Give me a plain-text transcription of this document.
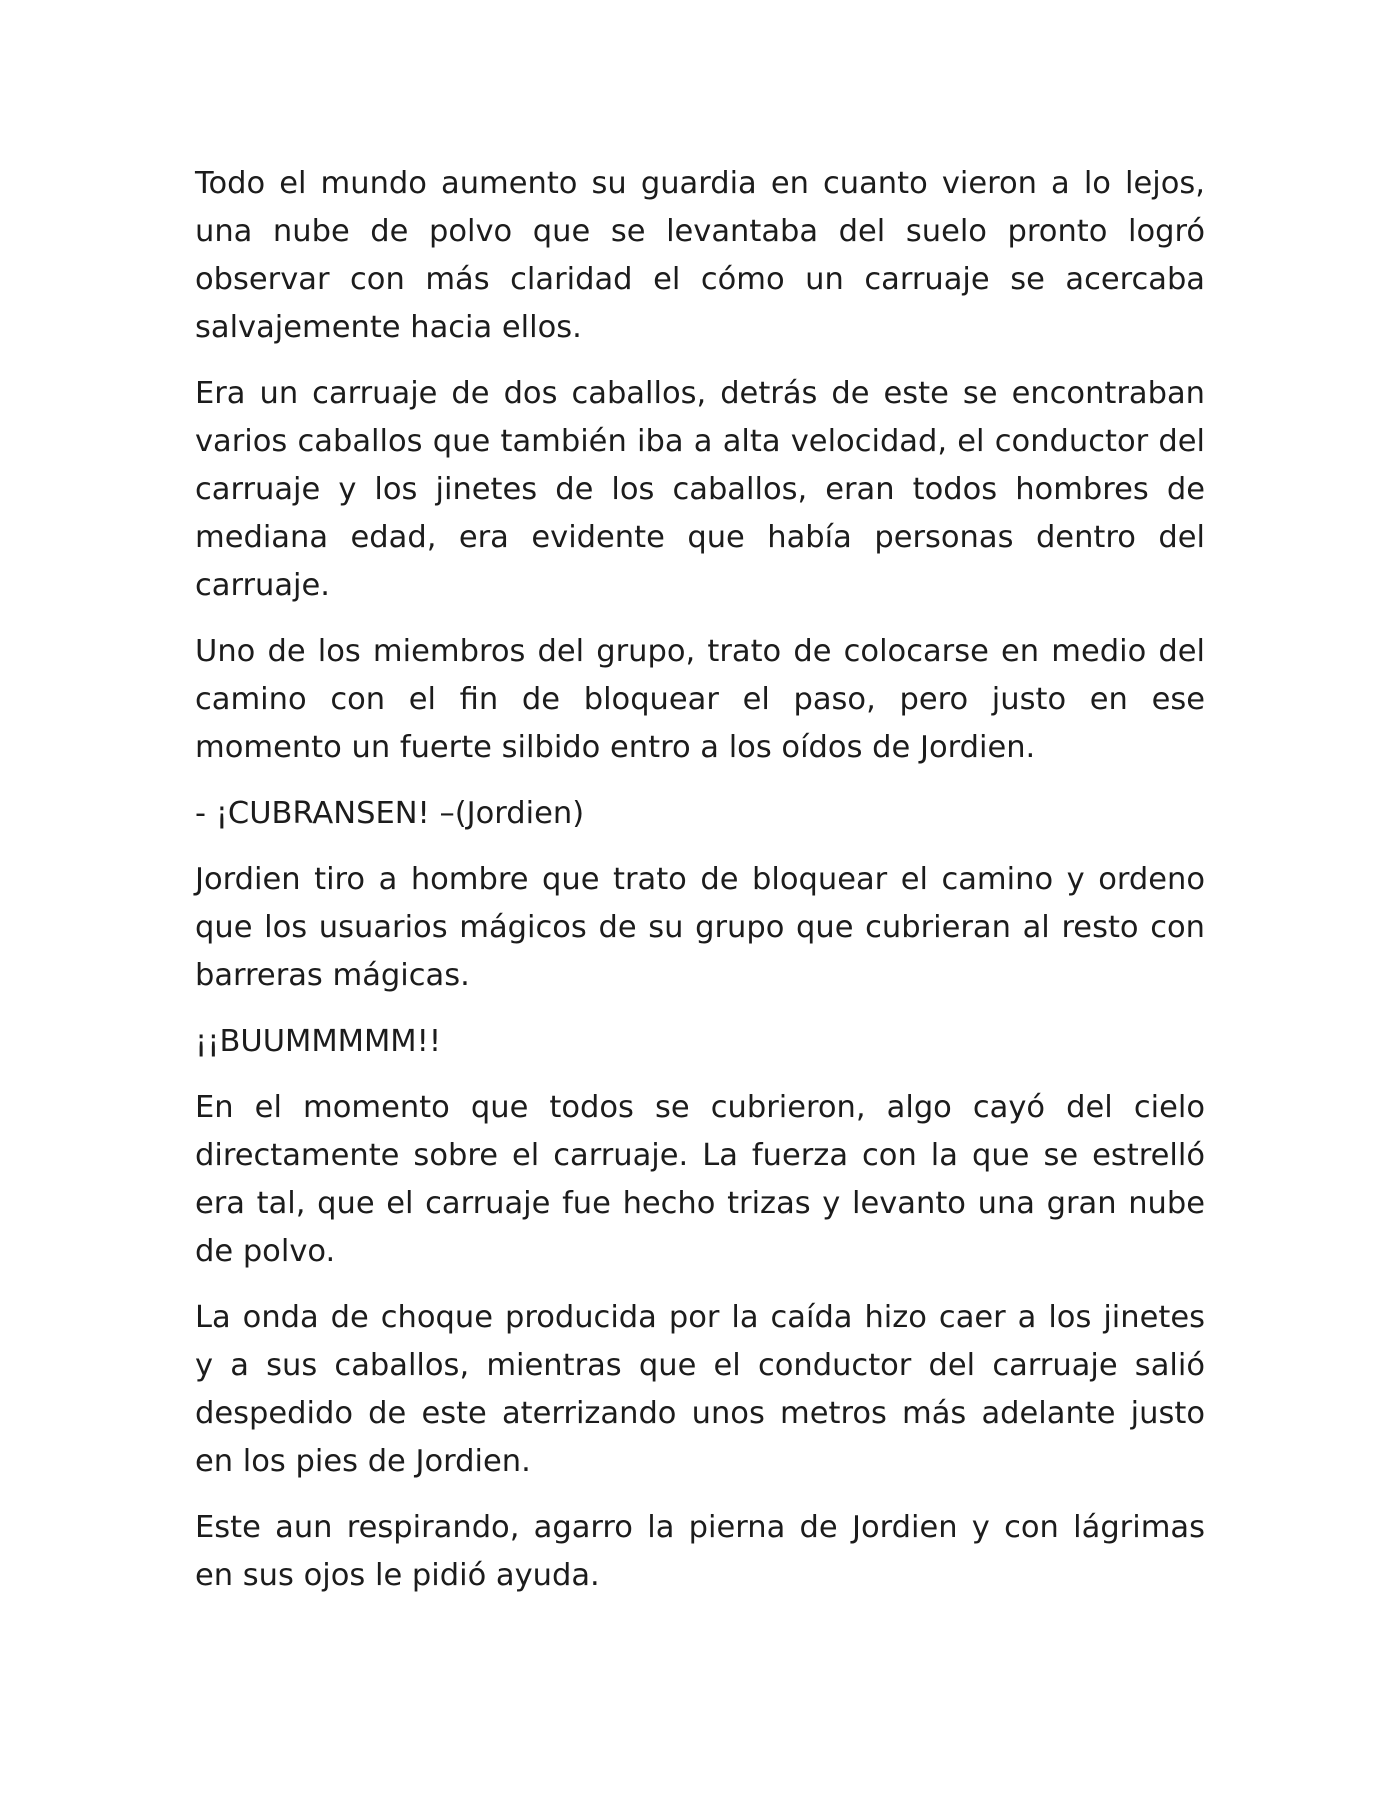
Todo el mundo aumento su guardia en cuanto vieron a lo lejos, una nube de polvo que se levantaba del suelo pronto logró observar con más claridad el cómo un carruaje se acercaba salvajemente hacia ellos.

Era un carruaje de dos caballos, detrás de este se encontraban varios caballos que también iba a alta velocidad, el conductor del carruaje y los jinetes de los caballos, eran todos hombres de mediana edad, era evidente que había personas dentro del carruaje.

Uno de los miembros del grupo, trato de colocarse en medio del camino con el fin de bloquear el paso, pero justo en ese momento un fuerte silbido entro a los oídos de Jordien.

- ¡CUBRANSEN! –(Jordien)

Jordien tiro a hombre que trato de bloquear el camino y ordeno que los usuarios mágicos de su grupo que cubrieran al resto con barreras mágicas.

¡¡BUUMMMMM!!

En el momento que todos se cubrieron, algo cayó del cielo directamente sobre el carruaje. La fuerza con la que se estrelló era tal, que el carruaje fue hecho trizas y levanto una gran nube de polvo.

La onda de choque producida por la caída hizo caer a los jinetes y a sus caballos, mientras que el conductor del carruaje salió despedido de este aterrizando unos metros más adelante justo en los pies de Jordien.

Este aun respirando, agarro la pierna de Jordien y con lágrimas en sus ojos le pidió ayuda.
